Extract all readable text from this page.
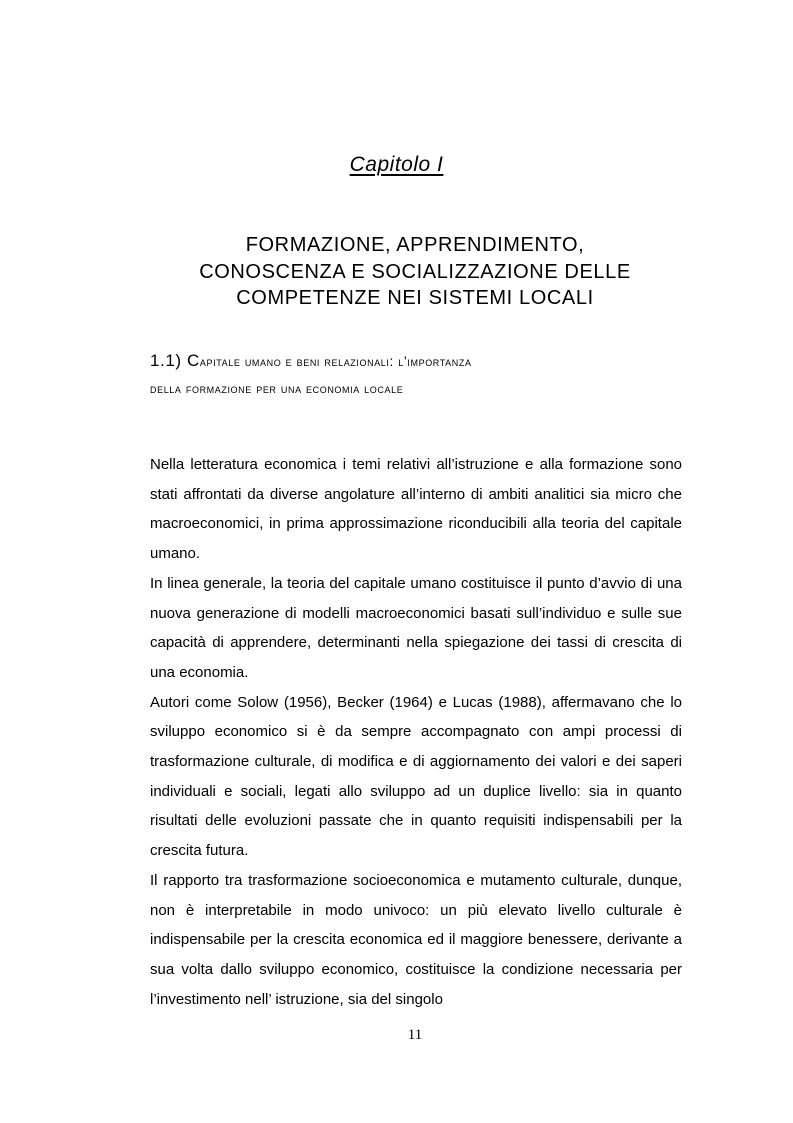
Capitolo I
FORMAZIONE, APPRENDIMENTO,
CONOSCENZA E SOCIALIZZAZIONE DELLE
COMPETENZE NEI SISTEMI LOCALI
1.1) Capitale umano e beni relazionali: l’importanza
della formazione per una economia locale

Nella letteratura economica i temi relativi all’istruzione e alla formazione sono stati affrontati da diverse angolature all’interno di ambiti analitici sia micro che macroeconomici, in prima approssimazione riconducibili alla teoria del capitale umano.

In linea generale, la teoria del capitale umano costituisce il punto d’avvio di una nuova generazione di modelli macroeconomici basati sull’individuo e sulle sue capacità di apprendere, determinanti nella spiegazione dei tassi di crescita di una economia.

Autori come Solow (1956), Becker (1964) e Lucas (1988), affermavano che lo sviluppo economico si è da sempre accompagnato con ampi processi di trasformazione culturale, di modifica e di aggiornamento dei valori e dei saperi individuali e sociali, legati allo sviluppo ad un duplice livello: sia in quanto risultati delle evoluzioni passate che in quanto requisiti indispensabili per la crescita futura.

Il rapporto tra trasformazione socioeconomica e mutamento culturale, dunque, non è interpretabile in modo univoco: un più elevato livello culturale è indispensabile per la crescita economica ed il maggiore benessere, derivante a sua volta dallo sviluppo economico, costituisce la condizione necessaria per l’investimento nell’ istruzione, sia del singolo

11
